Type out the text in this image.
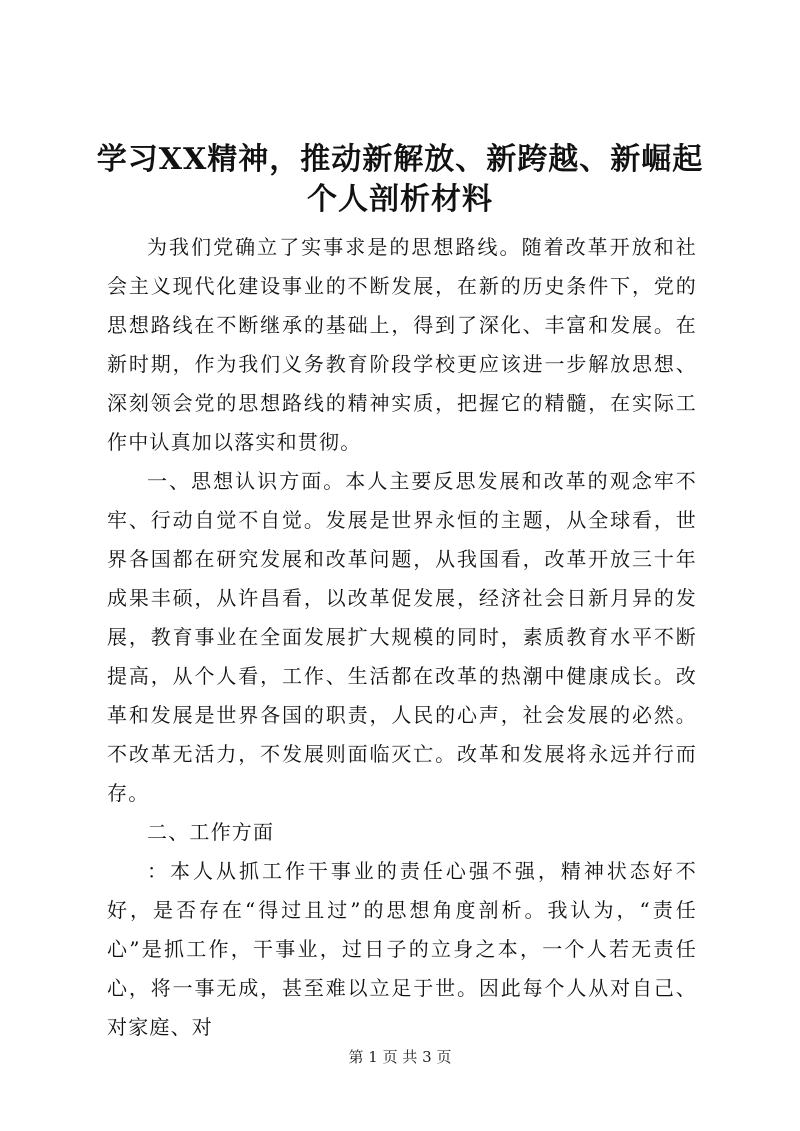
学习XX精神，推动新解放、新跨越、新崛起
个人剖析材料

为我们党确立了实事求是的思想路线。随着改革开放和社会主义现代化建设事业的不断发展，在新的历史条件下，党的思想路线在不断继承的基础上，得到了深化、丰富和发展。在新时期，作为我们义务教育阶段学校更应该进一步解放思想、深刻领会党的思想路线的精神实质，把握它的精髓，在实际工作中认真加以落实和贯彻。

一、思想认识方面。本人主要反思发展和改革的观念牢不牢、行动自觉不自觉。发展是世界永恒的主题，从全球看，世界各国都在研究发展和改革问题，从我国看，改革开放三十年成果丰硕，从许昌看，以改革促发展，经济社会日新月异的发展，教育事业在全面发展扩大规模的同时，素质教育水平不断提高，从个人看，工作、生活都在改革的热潮中健康成长。改革和发展是世界各国的职责，人民的心声，社会发展的必然。不改革无活力，不发展则面临灭亡。改革和发展将永远并行而存。

二、工作方面

：本人从抓工作干事业的责任心强不强，精神状态好不好，是否存在“得过且过”的思想角度剖析。我认为，“责任心”是抓工作，干事业，过日子的立身之本，一个人若无责任心，将一事无成，甚至难以立足于世。因此每个人从对自己、对家庭、对

第 1 页 共 3 页
